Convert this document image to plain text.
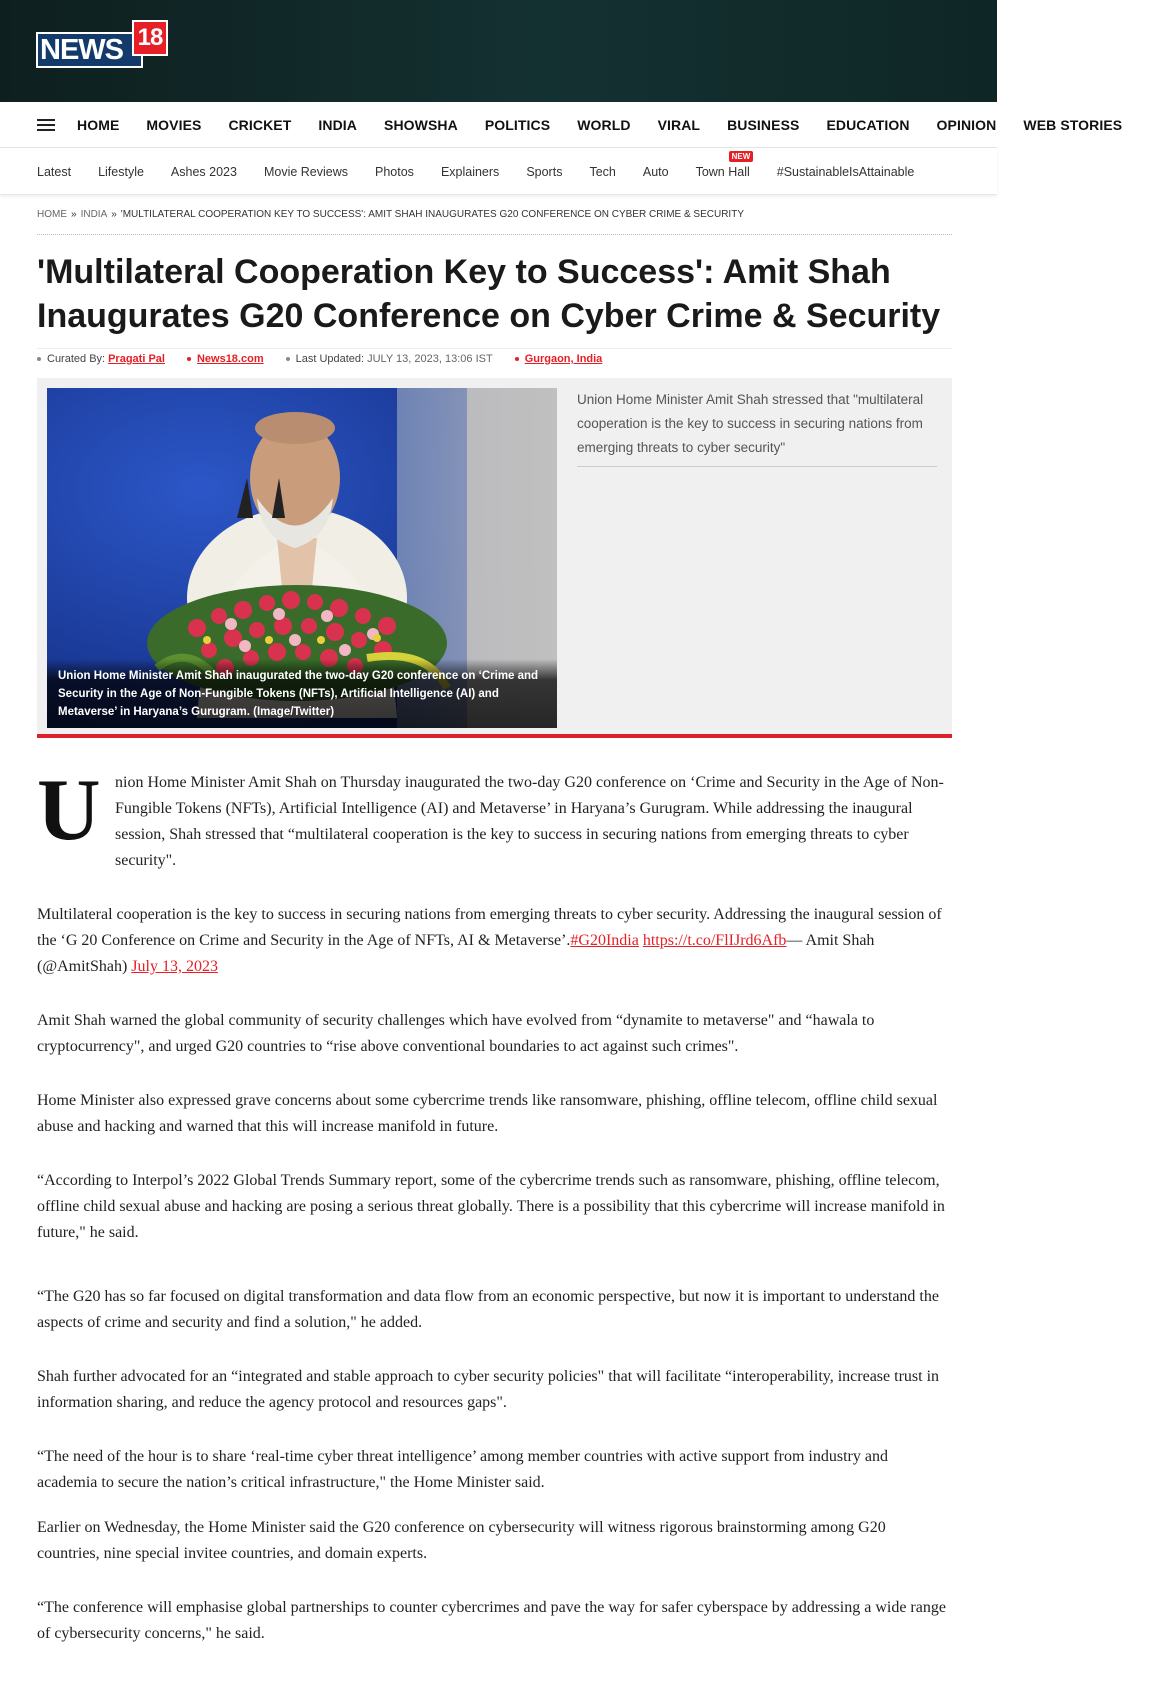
NEWS 18
HOME MOVIES CRICKET INDIA SHOWSHA POLITICS WORLD VIRAL BUSINESS EDUCATION OPINION WEB STORIES
Latest Lifestyle Ashes 2023 Movie Reviews Photos Explainers Sports Tech Auto Town Hall
NEW
#SustainableIsAttainable
HOME » INDIA » 'MULTILATERAL COOPERATION KEY TO SUCCESS': AMIT SHAH INAUGURATES G20 CONFERENCE ON CYBER CRIME & SECURITY
'Multilateral Cooperation Key to Success': Amit Shah Inaugurates G20 Conference on Cyber Crime & Security
Curated By: Pragati Pal	News18.com	Last Updated: JULY 13, 2023, 13:06 IST	Gurgaon, India
Union Home Minister Amit Shah inaugurated the two-day G20 conference on ‘Crime and Security in the Age of Non-Fungible Tokens (NFTs), Artificial Intelligence (AI) and Metaverse’ in Haryana’s Gurugram. (Image/Twitter)
Union Home Minister Amit Shah stressed that "multilateral cooperation is the key to success in securing nations from emerging threats to cyber security"
U nion Home Minister Amit Shah on Thursday inaugurated the two-day G20 conference on ‘Crime and Security in the Age of Non-Fungible Tokens (NFTs), Artificial Intelligence (AI) and Metaverse’ in Haryana’s Gurugram. While addressing the inaugural session, Shah stressed that “multilateral cooperation is the key to success in securing nations from emerging threats to cyber security".

Multilateral cooperation is the key to success in securing nations from emerging threats to cyber security. Addressing the inaugural session of the ‘G 20 Conference on Crime and Security in the Age of NFTs, AI & Metaverse’.#G20India https://t.co/FlIJrd6Afb— Amit Shah (@AmitShah) July 13, 2023

Amit Shah warned the global community of security challenges which have evolved from “dynamite to metaverse" and “hawala to cryptocurrency", and urged G20 countries to “rise above conventional boundaries to act against such crimes".

Home Minister also expressed grave concerns about some cybercrime trends like ransomware, phishing, offline telecom, offline child sexual abuse and hacking and warned that this will increase manifold in future.

“According to Interpol’s 2022 Global Trends Summary report, some of the cybercrime trends such as ransomware, phishing, offline telecom, offline child sexual abuse and hacking are posing a serious threat globally. There is a possibility that this cybercrime will increase manifold in future," he said.

“The G20 has so far focused on digital transformation and data flow from an economic perspective, but now it is important to understand the aspects of crime and security and find a solution," he added.

Shah further advocated for an “integrated and stable approach to cyber security policies" that will facilitate “interoperability, increase trust in information sharing, and reduce the agency protocol and resources gaps".

“The need of the hour is to share ‘real-time cyber threat intelligence’ among member countries with active support from industry and academia to secure the nation’s critical infrastructure," the Home Minister said.

Earlier on Wednesday, the Home Minister said the G20 conference on cybersecurity will witness rigorous brainstorming among G20 countries, nine special invitee countries, and domain experts.

“The conference will emphasise global partnerships to counter cybercrimes and pave the way for safer cyberspace by addressing a wide range of cybersecurity concerns," he said.
